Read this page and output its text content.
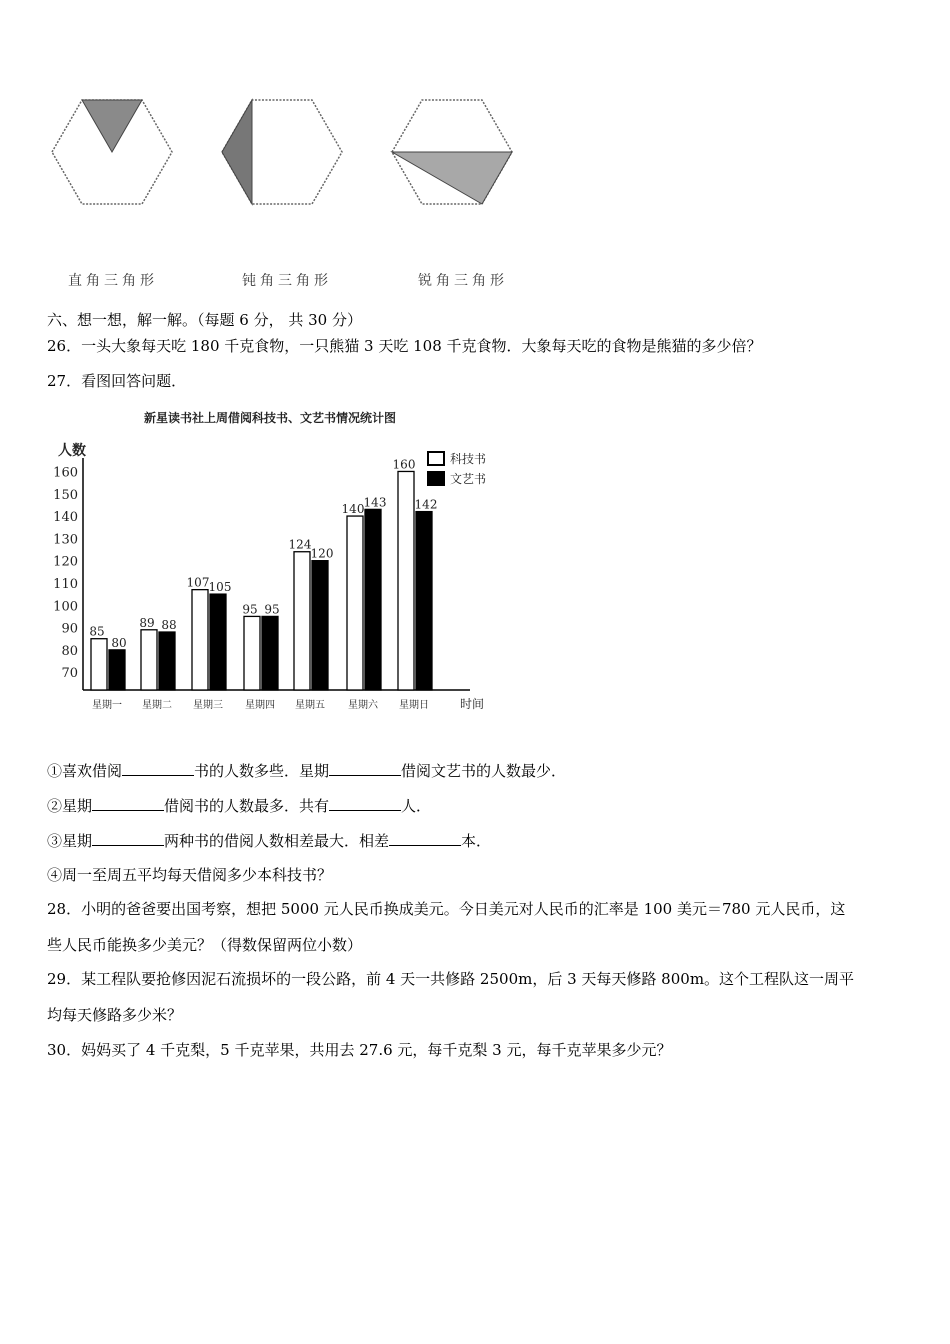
新星读书社上周借阅科技书、文艺书情况统计图
人数
时间
70
80
90
100
110
120
130
140
150
160
星期一
85
80
星期二
89 88
星期三
107 105
星期四
95 95
星期五
124
120
星期六
140 143
星期日
160
142
科技书
文艺书
直角三角形	钝角三角形	锐角三角形
六、想一想，解一解。（每题 6 分， 共 30 分）
26．一头大象每天吃 180 千克食物，一只熊猫 3 天吃 108 千克食物．大象每天吃的食物是熊猫的多少倍？
27．看图回答问题．
①喜欢借阅	书的人数多些．星期	借阅文艺书的人数最少．
②星期	借阅书的人数最多．共有	人．
③星期	两种书的借阅人数相差最大．相差	本．
④周一至周五平均每天借阅多少本科技书？
28．小明的爸爸要出国考察，想把 5000 元人民币换成美元。今日美元对人民币的汇率是 100 美元＝780 元人民币，这
些人民币能换多少美元？（得数保留两位小数）
29．某工程队要抢修因泥石流损坏的一段公路，前 4 天一共修路 2500m，后 3 天每天修路 800m。这个工程队这一周平
均每天修路多少米？
30．妈妈买了 4 千克梨，5 千克苹果，共用去 27.6 元，每千克梨 3 元，每千克苹果多少元？
